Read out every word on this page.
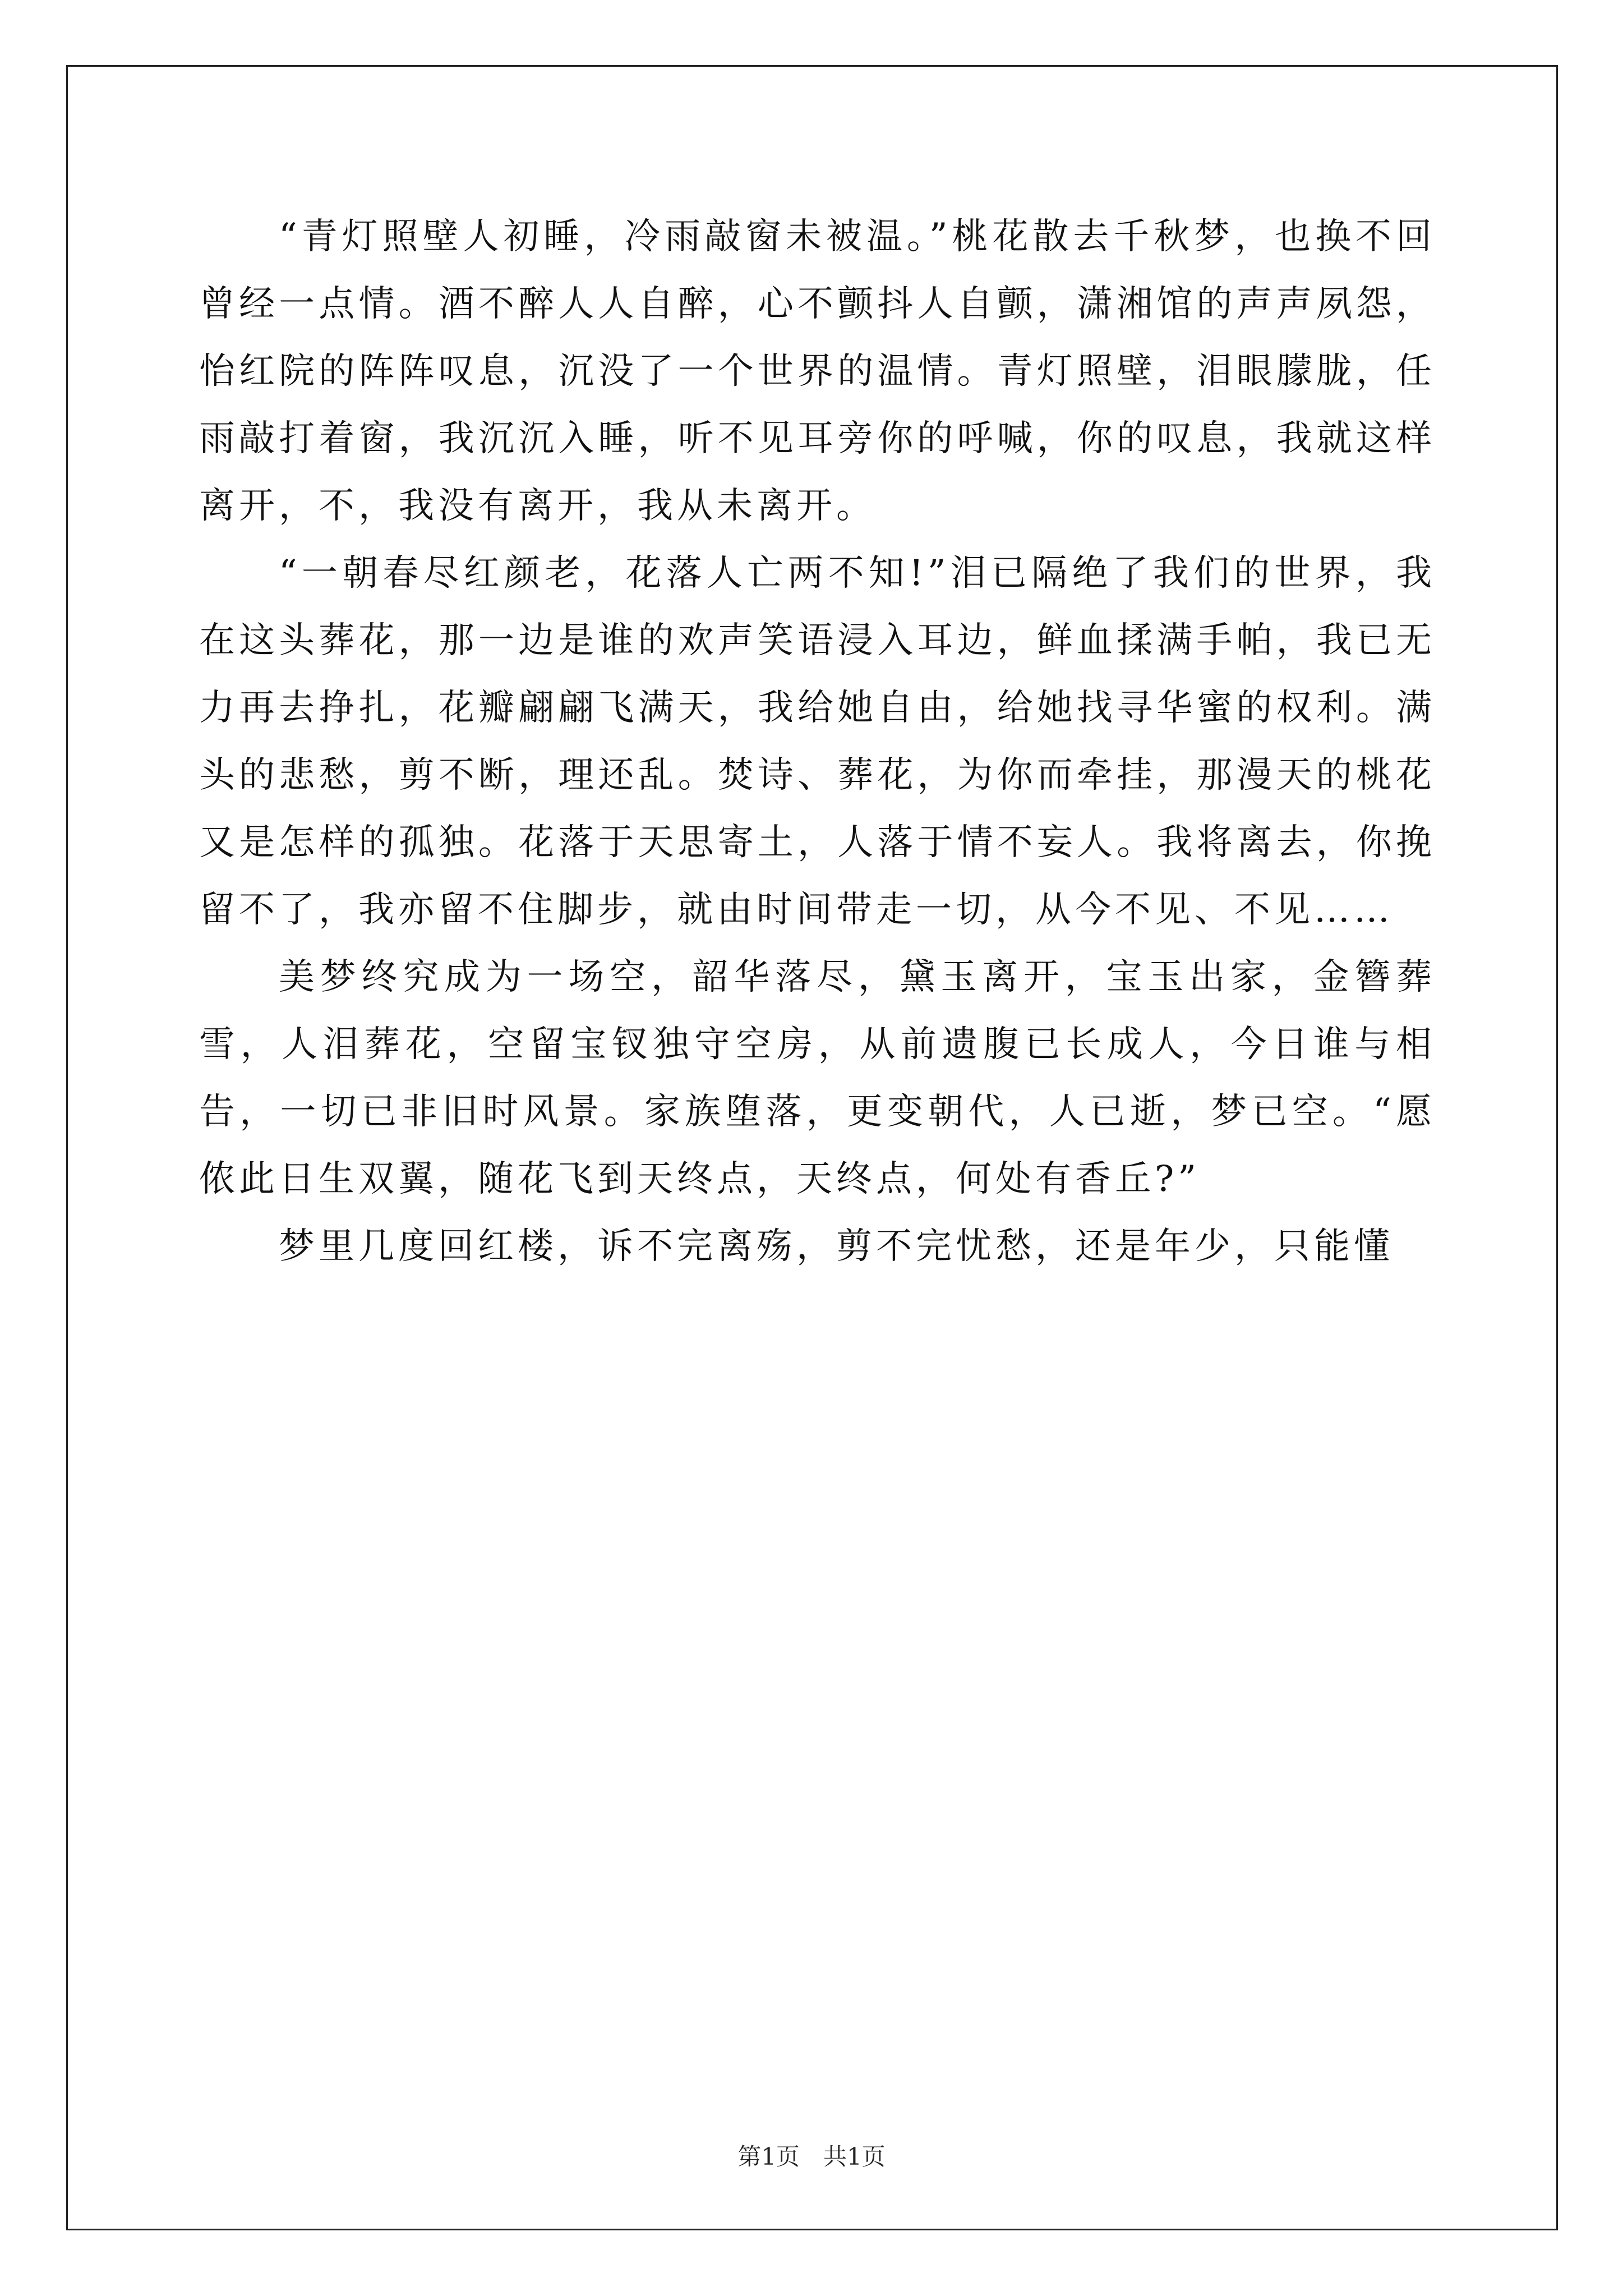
“青灯照壁人初睡，冷雨敲窗未被温。”桃花散去千秋梦，也换不回曾经一点情。酒不醉人人自醉，心不颤抖人自颤，潇湘馆的声声夙怨，怡红院的阵阵叹息，沉没了一个世界的温情。青灯照壁，泪眼朦胧，任雨敲打着窗，我沉沉入睡，听不见耳旁你的呼喊，你的叹息，我就这样离开，不，我没有离开，我从未离开。

“一朝春尽红颜老，花落人亡两不知!”泪已隔绝了我们的世界，我在这头葬花，那一边是谁的欢声笑语浸入耳边，鲜血揉满手帕，我已无力再去挣扎，花瓣翩翩飞满天，我给她自由，给她找寻华蜜的权利。满头的悲愁，剪不断，理还乱。焚诗、葬花，为你而牵挂，那漫天的桃花又是怎样的孤独。花落于天思寄土，人落于情不妄人。我将离去，你挽留不了，我亦留不住脚步，就由时间带走一切，从今不见、不见……

美梦终究成为一场空，韶华落尽，黛玉离开，宝玉出家，金簪葬雪，人泪葬花，空留宝钗独守空房，从前遗腹已长成人，今日谁与相告，一切已非旧时风景。家族堕落，更变朝代，人已逝，梦已空。“愿侬此日生双翼，随花飞到天终点，天终点，何处有香丘?”

梦里几度回红楼，诉不完离殇，剪不完忧愁，还是年少，只能懂

第1页 共1页
